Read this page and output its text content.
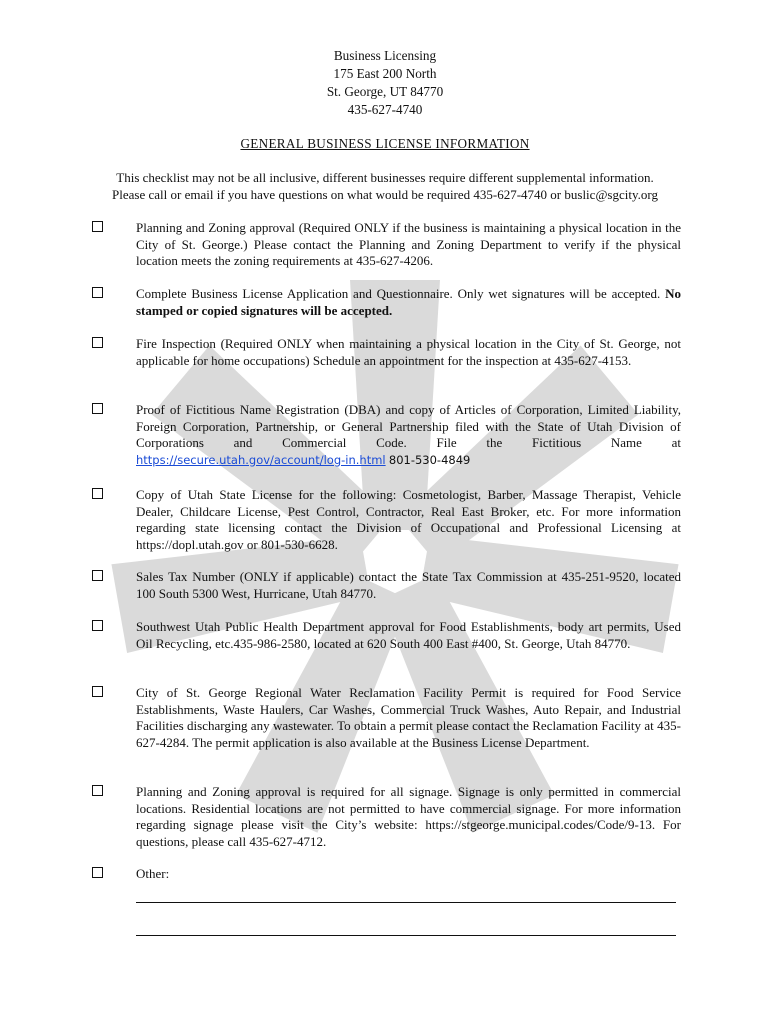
Business Licensing
175 East 200 North
St. George, UT 84770
435-627-4740
GENERAL BUSINESS LICENSE INFORMATION
This checklist may not be all inclusive, different businesses require different supplemental information.
Please call or email if you have questions on what would be required 435-627-4740 or buslic@sgcity.org
Planning and Zoning approval (Required ONLY if the business is maintaining a physical location in the City of St. George.) Please contact the Planning and Zoning Department to verify if the physical location meets the zoning requirements at 435-627-4206.
Complete Business License Application and Questionnaire. Only wet signatures will be accepted. No stamped or copied signatures will be accepted.
Fire Inspection (Required ONLY when maintaining a physical location in the City of St. George, not applicable for home occupations) Schedule an appointment for the inspection at 435-627-4153.
Proof of Fictitious Name Registration (DBA) and copy of Articles of Corporation, Limited Liability, Foreign Corporation, Partnership, or General Partnership filed with the State of Utah Division of Corporations and Commercial Code. File the Fictitious Name at https://secure.utah.gov/account/log-in.html 801-530-4849
Copy of Utah State License for the following: Cosmetologist, Barber, Massage Therapist, Vehicle Dealer, Childcare License, Pest Control, Contractor, Real East Broker, etc. For more information regarding state licensing contact the Division of Occupational and Professional Licensing at https://dopl.utah.gov or 801-530-6628.
Sales Tax Number (ONLY if applicable) contact the State Tax Commission at 435-251-9520, located 100 South 5300 West, Hurricane, Utah 84770.
Southwest Utah Public Health Department approval for Food Establishments, body art permits, Used Oil Recycling, etc.435-986-2580, located at 620 South 400 East #400, St. George, Utah 84770.
City of St. George Regional Water Reclamation Facility Permit is required for Food Service Establishments, Waste Haulers, Car Washes, Commercial Truck Washes, Auto Repair, and Industrial Facilities discharging any wastewater. To obtain a permit please contact the Reclamation Facility at 435-627-4284. The permit application is also available at the Business License Department.
Planning and Zoning approval is required for all signage. Signage is only permitted in commercial locations. Residential locations are not permitted to have commercial signage. For more information regarding signage please visit the City’s website: https://stgeorge.municipal.codes/Code/9-13. For questions, please call 435-627-4712.
Other:
